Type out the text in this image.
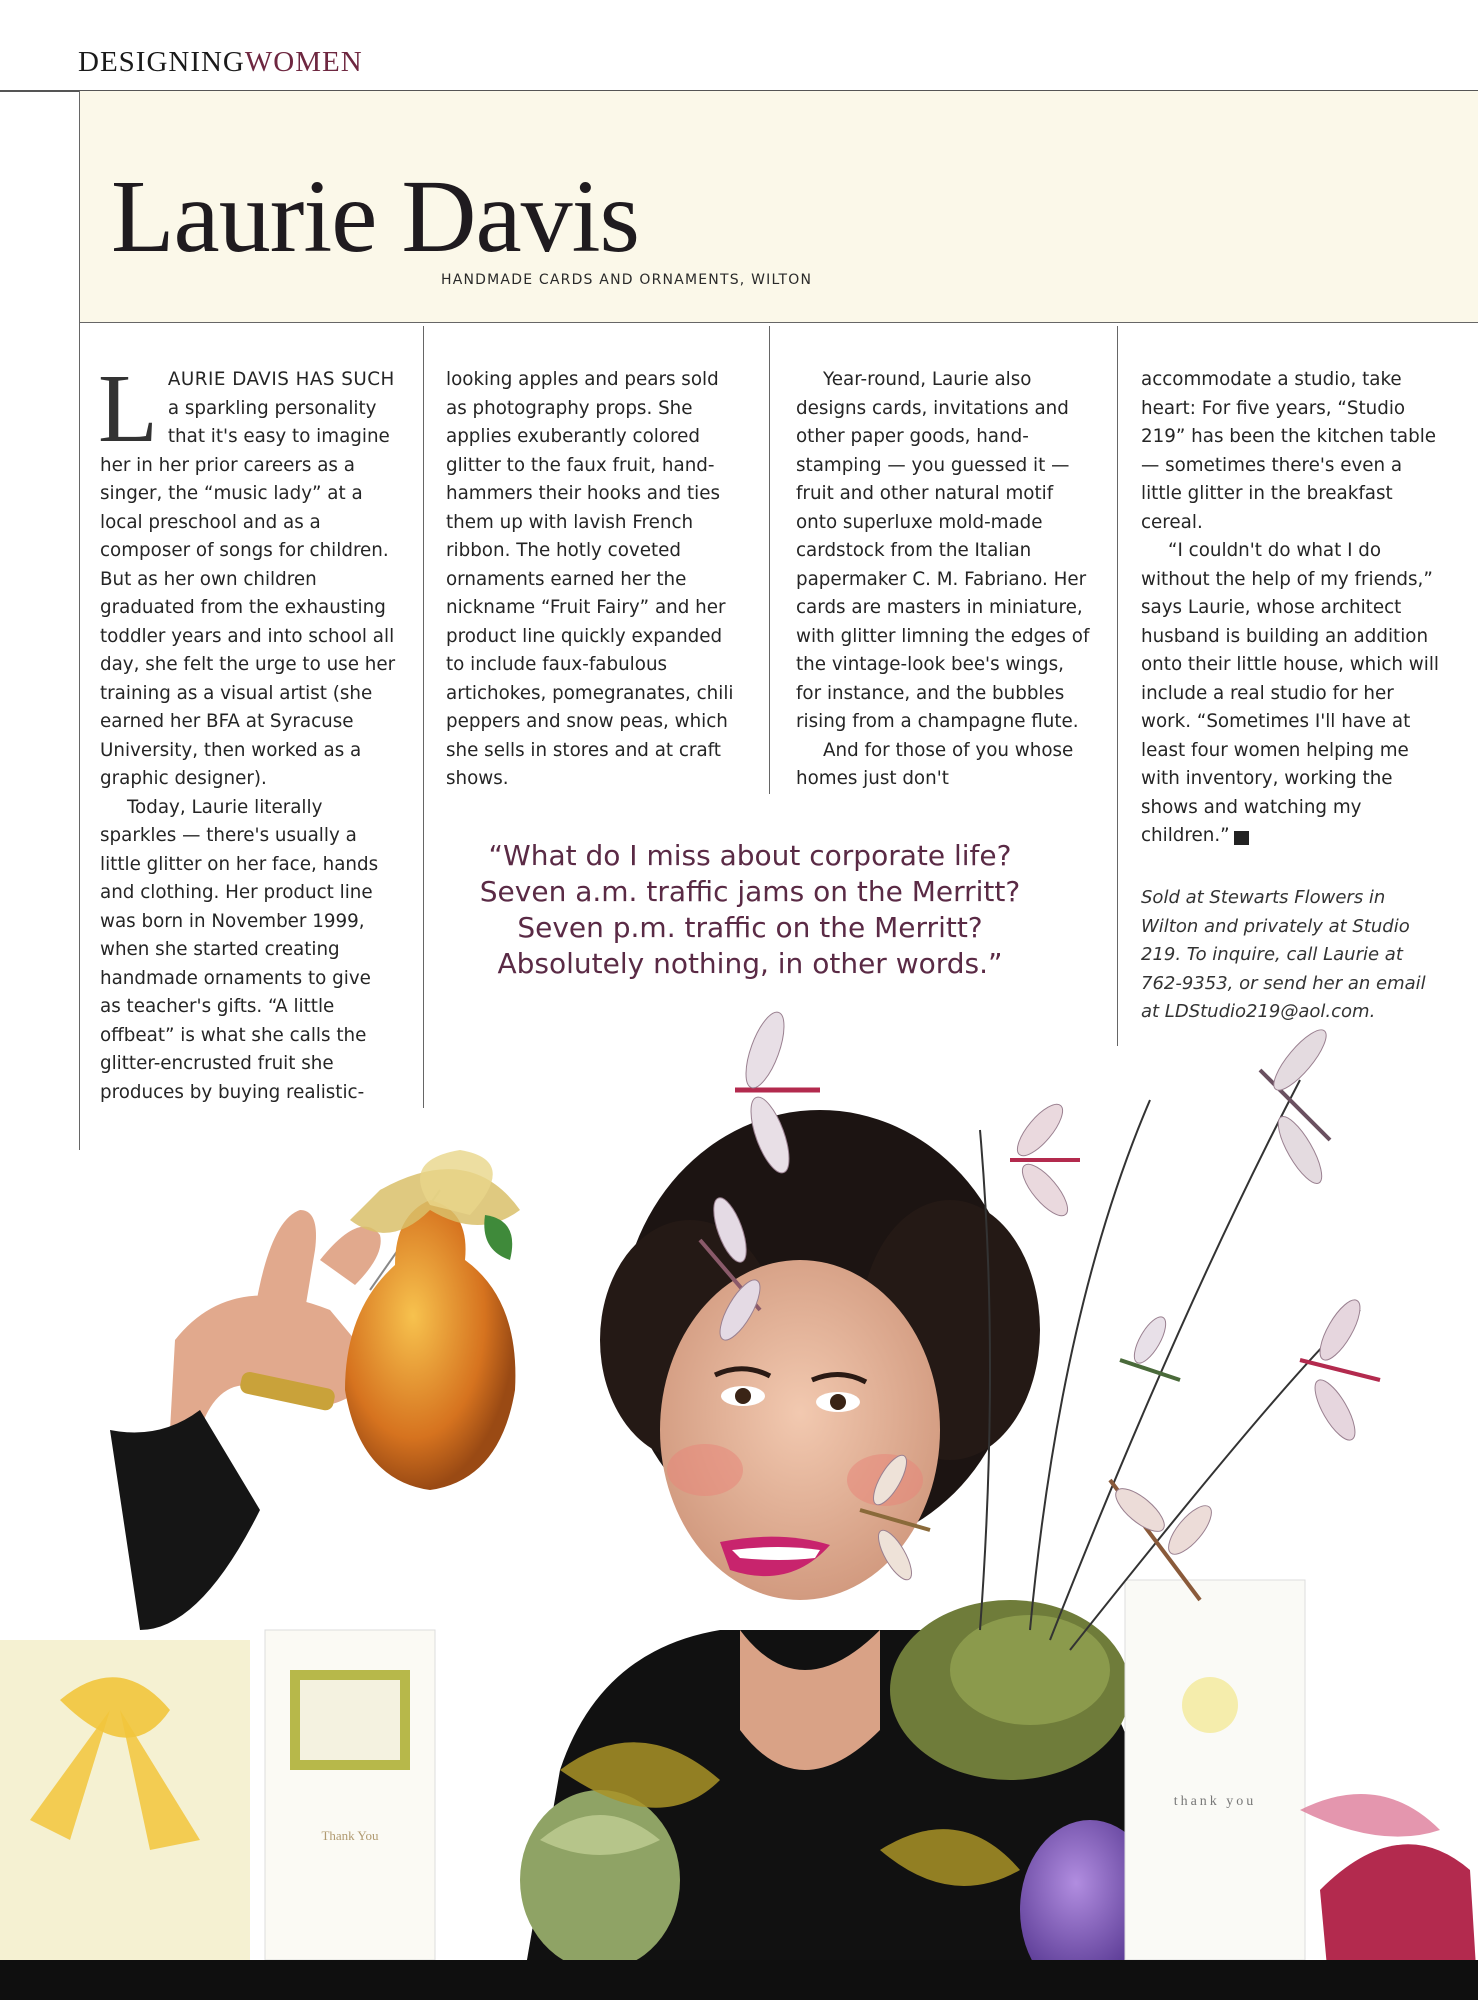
DESIGNINGWOMEN
Laurie Davis
HANDMADE CARDS AND ORNAMENTS, WILTON

LAURIE DAVIS HAS SUCH a sparkling personality that it's easy to imagine her in her prior careers as a singer, the “music lady” at a local preschool and as a composer of songs for children. But as her own children graduated from the exhausting toddler years and into school all day, she felt the urge to use her training as a visual artist (she earned her BFA at Syracuse University, then worked as a graphic designer).

Today, Laurie literally sparkles — there's usually a little glitter on her face, hands and clothing. Her product line was born in November 1999, when she started creating handmade ornaments to give as teacher's gifts. “A little offbeat” is what she calls the glitter-encrusted fruit she produces by buying realistic-

looking apples and pears sold as photography props. She applies exuberantly colored glitter to the faux fruit, hand-hammers their hooks and ties them up with lavish French ribbon. The hotly coveted ornaments earned her the nickname “Fruit Fairy” and her product line quickly expanded to include faux-fabulous artichokes, pomegranates, chili peppers and snow peas, which she sells in stores and at craft shows.

Year-round, Laurie also designs cards, invitations and other paper goods, hand-stamping — you guessed it — fruit and other natural motif onto superluxe mold-made cardstock from the Italian papermaker C. M. Fabriano. Her cards are masters in miniature, with glitter limning the edges of the vintage-look bee's wings, for instance, and the bubbles rising from a champagne flute.

And for those of you whose homes just don't

accommodate a studio, take heart: For five years, “Studio 219” has been the kitchen table — sometimes there's even a little glitter in the breakfast cereal.

“I couldn't do what I do without the help of my friends,” says Laurie, whose architect husband is building an addition onto their little house, which will include a real studio for her work. “Sometimes I'll have at least four women helping me with inventory, working the shows and watching my children.”	W

“What do I miss about corporate life? Seven a.m. traffic jams on the Merritt? Seven p.m. traffic on the Merritt? Absolutely nothing, in other words.”
Sold at Stewarts Flowers in Wilton and privately at Studio 219. To inquire, call Laurie at 762-9353, or send her an email at LDStudio219@aol.com.
Thank You
thank you
